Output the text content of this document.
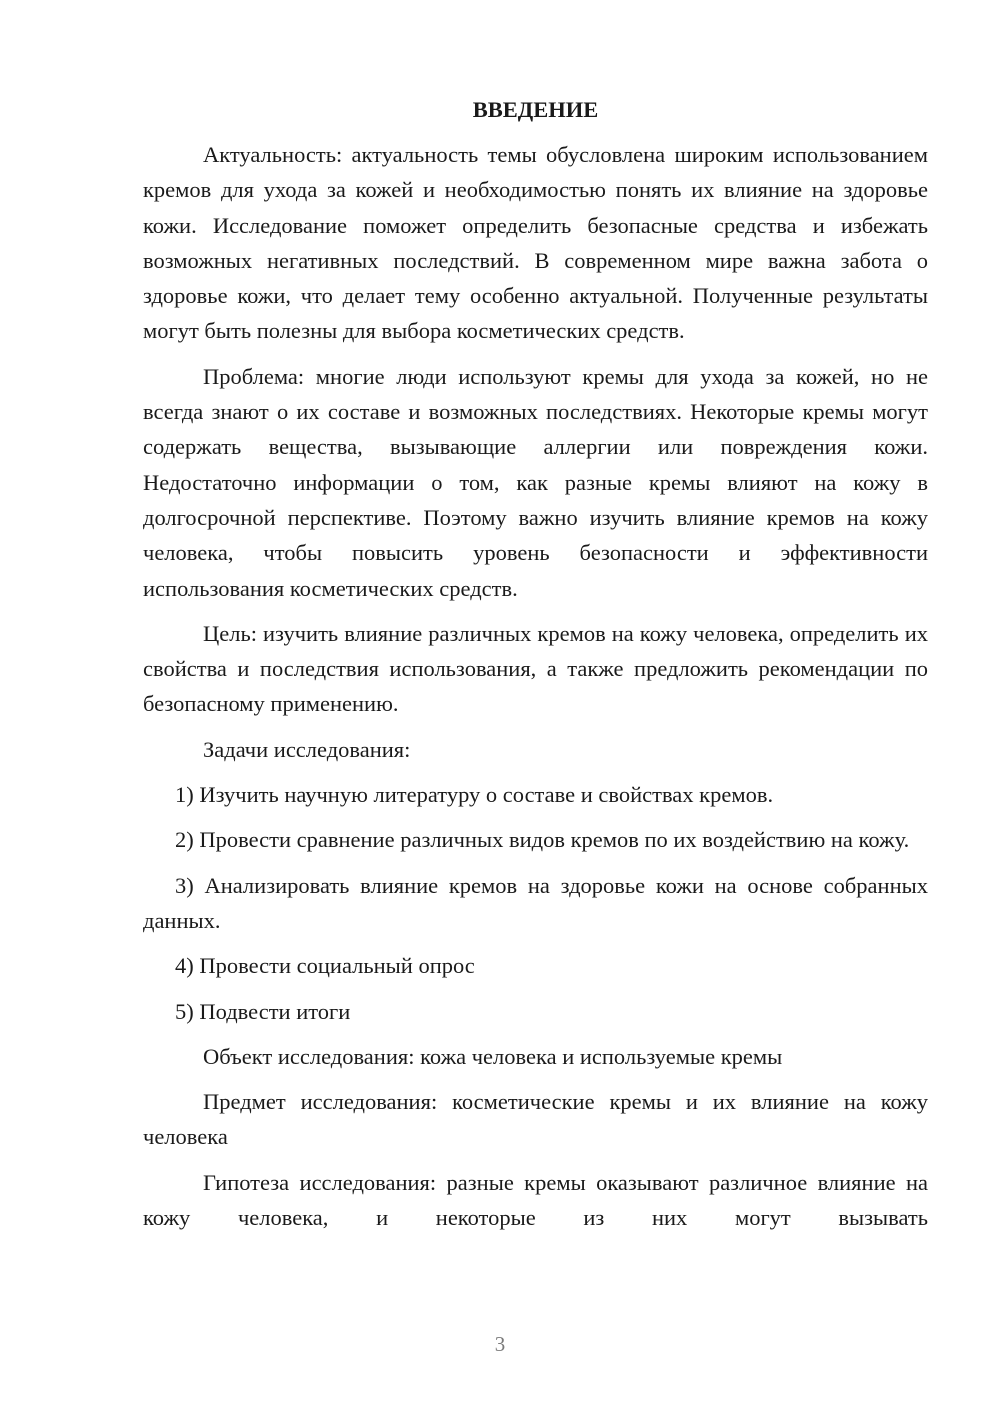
ВВЕДЕНИЕ

Актуальность: актуальность темы обусловлена широким использованием кремов для ухода за кожей и необходимостью понять их влияние на здоровье кожи. Исследование поможет определить безопасные средства и избежать возможных негативных последствий. В современном мире важна забота о здоровье кожи, что делает тему особенно актуальной. Полученные результаты могут быть полезны для выбора косметических средств.

Проблема: многие люди используют кремы для ухода за кожей, но не всегда знают о их составе и возможных последствиях. Некоторые кремы могут содержать вещества, вызывающие аллергии или повреждения кожи. Недостаточно информации о том, как разные кремы влияют на кожу в долгосрочной перспективе. Поэтому важно изучить влияние кремов на кожу человека, чтобы повысить уровень безопасности и эффективности использования косметических средств.

Цель: изучить влияние различных кремов на кожу человека, определить их свойства и последствия использования, а также предложить рекомендации по безопасному применению.

Задачи исследования:

1) Изучить научную литературу о составе и свойствах кремов.

2) Провести сравнение различных видов кремов по их воздействию на кожу.

3) Анализировать влияние кремов на здоровье кожи на основе собранных данных.

4) Провести социальный опрос

5) Подвести итоги

Объект исследования: кожа человека и используемые кремы

Предмет исследования: косметические кремы и их влияние на кожу человека

Гипотеза исследования: разные кремы оказывают различное влияние на кожу человека, и некоторые из них могут вызывать

3
